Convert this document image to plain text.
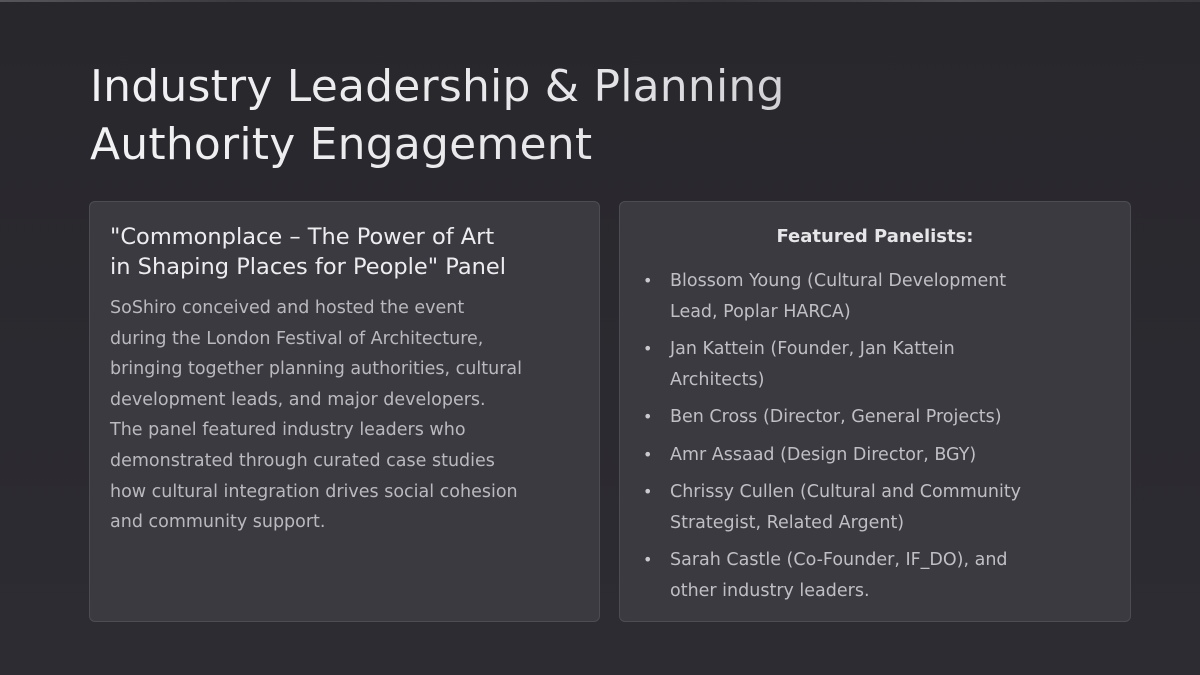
Industry Leadership & Planning
Authority Engagement
"Commonplace – The Power of Art
in Shaping Places for People" Panel
SoShiro conceived and hosted the event
during the London Festival of Architecture,
bringing together planning authorities, cultural
development leads, and major developers.
The panel featured industry leaders who
demonstrated through curated case studies
how cultural integration drives social cohesion
and community support.
Featured Panelists:
• Blossom Young (Cultural Development
Lead, Poplar HARCA)
• Jan Kattein (Founder, Jan Kattein
Architects)
• Ben Cross (Director, General Projects)
• Amr Assaad (Design Director, BGY)
• Chrissy Cullen (Cultural and Community
Strategist, Related Argent)
• Sarah Castle (Co-Founder, IF_DO), and
other industry leaders.
